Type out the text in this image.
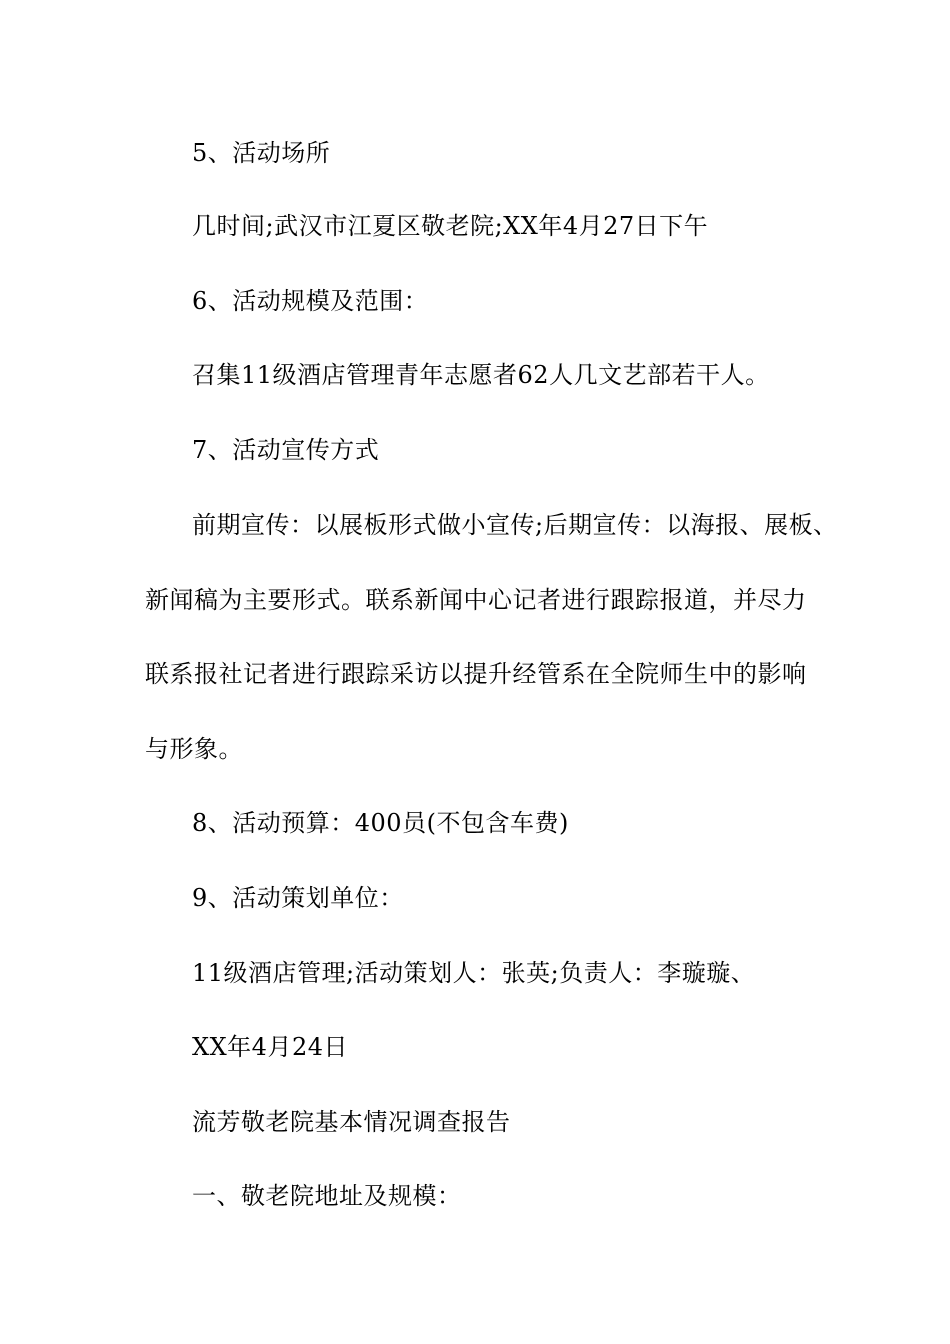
5、活动场所
几时间;武汉市江夏区敬老院;XX年4月27日下午
6、活动规模及范围：
召集11级酒店管理青年志愿者62人几文艺部若干人。
7、活动宣传方式
前期宣传：以展板形式做小宣传;后期宣传：以海报、展板、
新闻稿为主要形式。联系新闻中心记者进行跟踪报道，并尽力
联系报社记者进行跟踪采访以提升经管系在全院师生中的影响
与形象。
8、活动预算：400员(不包含车费)
9、活动策划单位：
11级酒店管理;活动策划人：张英;负责人：李璇璇、
XX年4月24日
流芳敬老院基本情况调查报告
一、敬老院地址及规模：
